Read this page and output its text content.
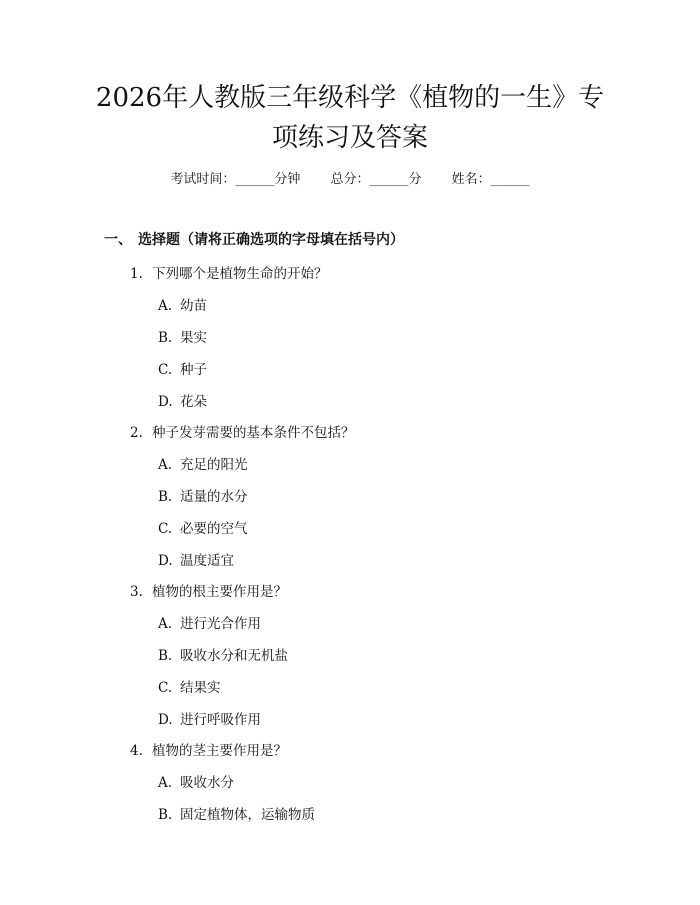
2026年人教版三年级科学《植物的一生》专
项练习及答案
考试时间：______分钟 总分：______分 姓名：______
一、 选择题（请将正确选项的字母填在括号内）
1. 下列哪个是植物生命的开始？
A. 幼苗
B. 果实
C. 种子
D. 花朵
2. 种子发芽需要的基本条件不包括？
A. 充足的阳光
B. 适量的水分
C. 必要的空气
D. 温度适宜
3. 植物的根主要作用是？
A. 进行光合作用
B. 吸收水分和无机盐
C. 结果实
D. 进行呼吸作用
4. 植物的茎主要作用是？
A. 吸收水分
B. 固定植物体，运输物质
